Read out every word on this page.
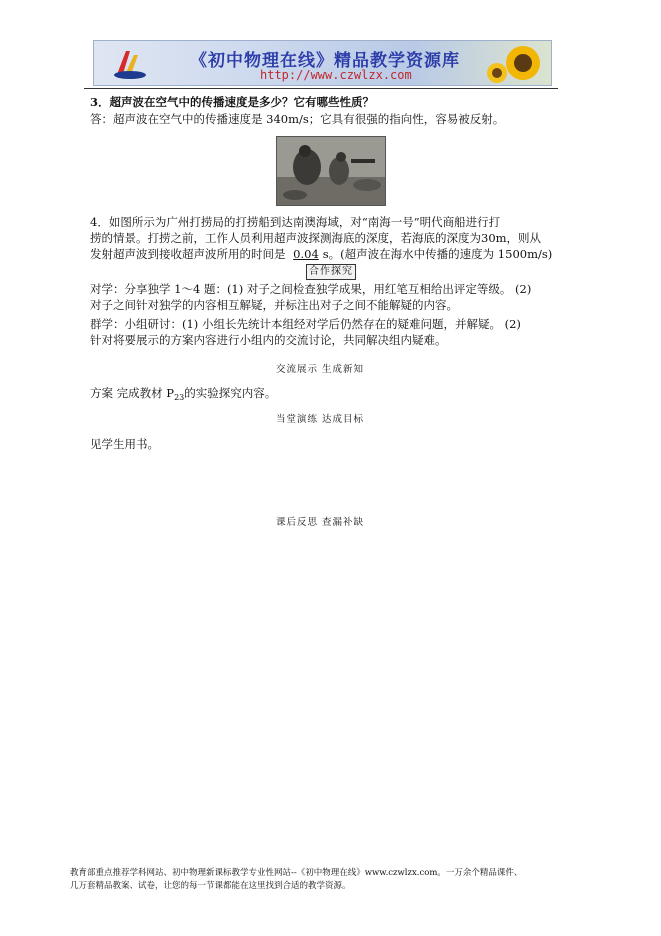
《初中物理在线》精品教学资源库
http://www.czwlzx.com
3．超声波在空气中的传播速度是多少？它有哪些性质？
答：超声波在空气中的传播速度是 340m/s；它具有很强的指向性，容易被反射。
4．如图所示为广州打捞局的打捞船到达南澳海域，对“南海一号”明代商船进行打
捞的情景。打捞之前，工作人员利用超声波探测海底的深度，若海底的深度为30m，则从
发射超声波到接收超声波所用的时间是 0.04 s。(超声波在海水中传播的速度为 1500m/s)
合作探究
对学：分享独学 1～4 题：(1) 对子之间检查独学成果，用红笔互相给出评定等级。 (2)
对子之间针对独学的内容相互解疑，并标注出对子之间不能解疑的内容。
群学：小组研讨：(1) 小组长先统计本组经对学后仍然存在的疑难问题，并解疑。 (2)
针对将要展示的方案内容进行小组内的交流讨论，共同解决组内疑难。
交流展示 生成新知
方案 完成教材 $P_{23}$的实验探究内容。
当堂演练 达成目标
见学生用书。
课后反思 查漏补缺
教育部重点推荐学科网站、初中物理新课标教学专业性网站--《初中物理在线》www.czwlzx.com。一万余个精品课件、
几万套精品教案、试卷，让您的每一节课都能在这里找到合适的教学资源。
